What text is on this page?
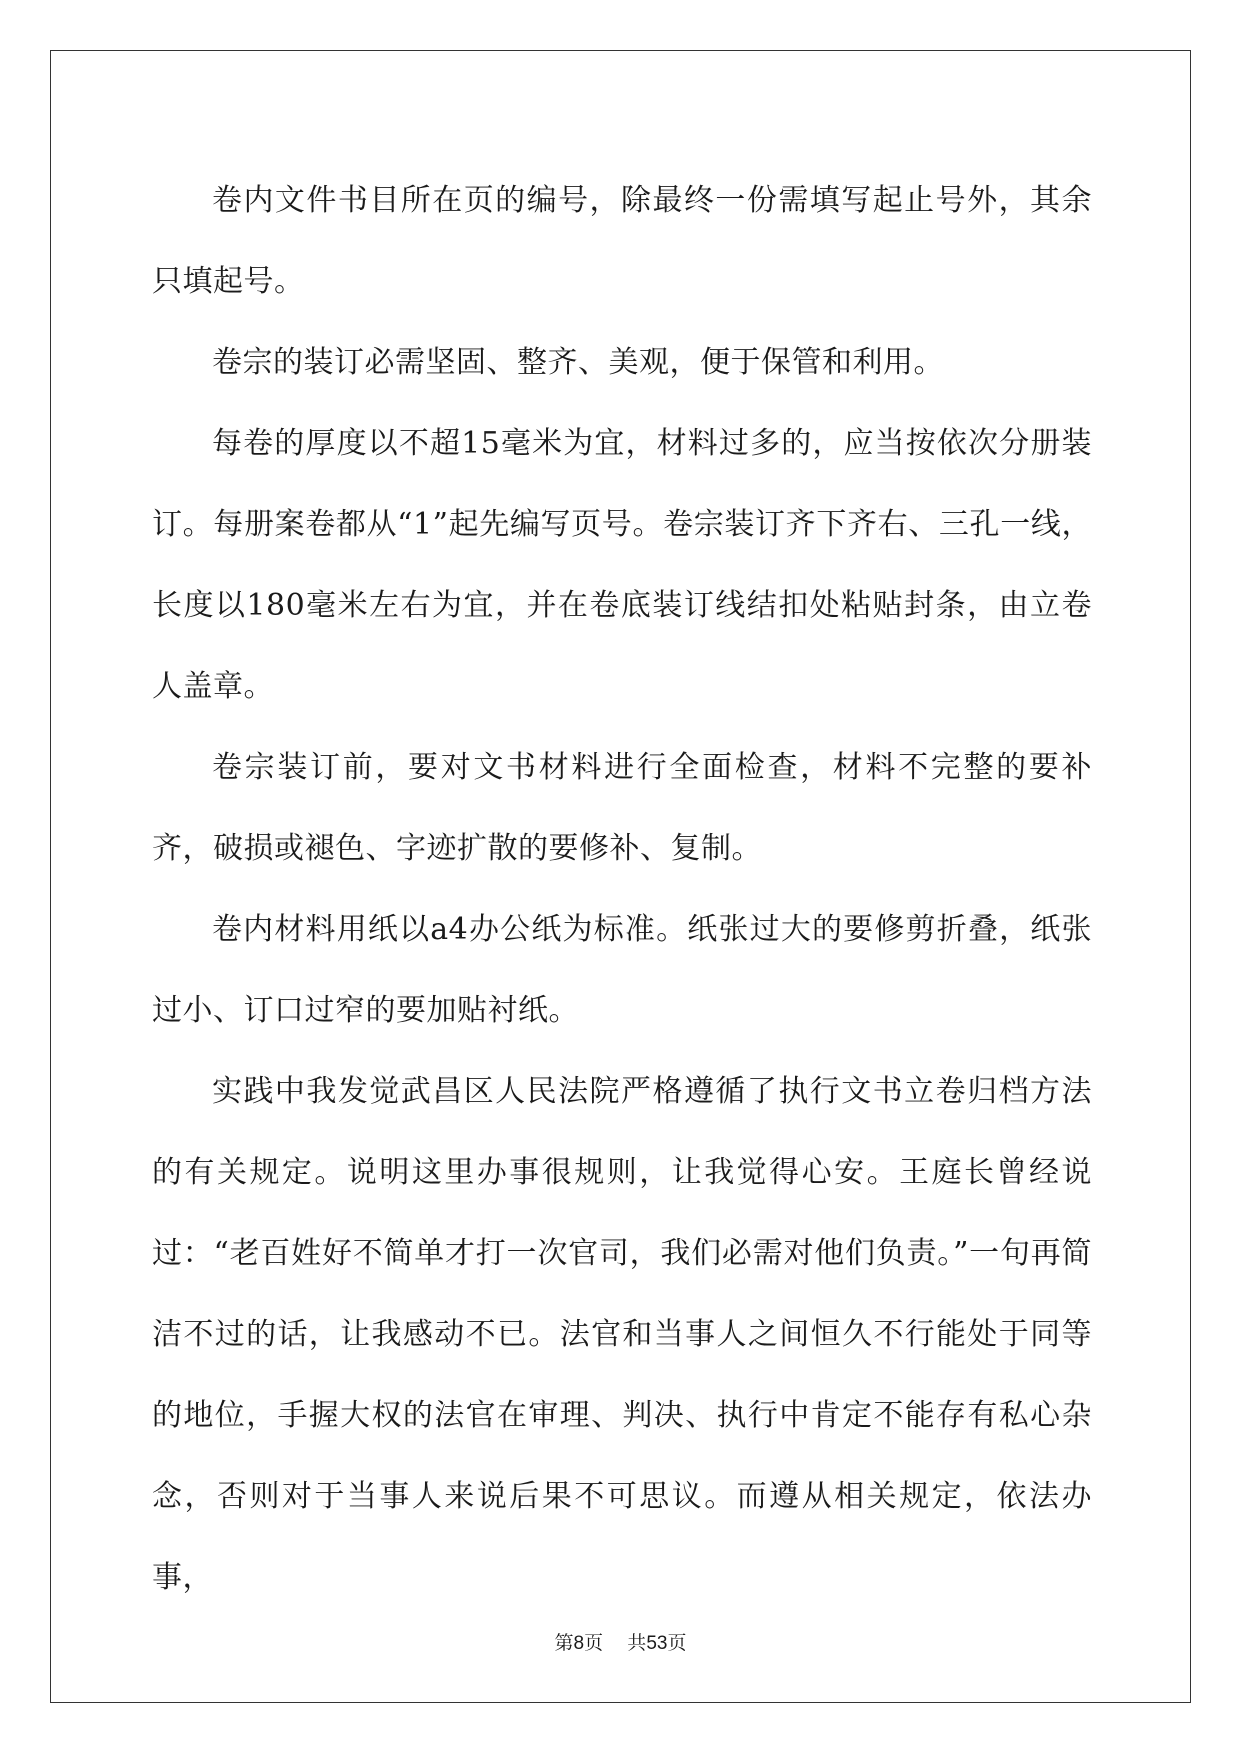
卷内文件书目所在页的编号，除最终一份需填写起止号外，其余只填起号。

卷宗的装订必需坚固、整齐、美观，便于保管和利用。

每卷的厚度以不超15毫米为宜，材料过多的，应当按依次分册装订。每册案卷都从“1”起先编写页号。卷宗装订齐下齐右、三孔一线，长度以180毫米左右为宜，并在卷底装订线结扣处粘贴封条，由立卷人盖章。

卷宗装订前，要对文书材料进行全面检查，材料不完整的要补齐，破损或褪色、字迹扩散的要修补、复制。

卷内材料用纸以a4办公纸为标准。纸张过大的要修剪折叠，纸张过小、订口过窄的要加贴衬纸。

实践中我发觉武昌区人民法院严格遵循了执行文书立卷归档方法的有关规定。说明这里办事很规则，让我觉得心安。王庭长曾经说过：“老百姓好不简单才打一次官司，我们必需对他们负责。”一句再简洁不过的话，让我感动不已。法官和当事人之间恒久不行能处于同等的地位，手握大权的法官在审理、判决、执行中肯定不能存有私心杂念，否则对于当事人来说后果不可思议。而遵从相关规定，依法办事，

第8页 共53页
